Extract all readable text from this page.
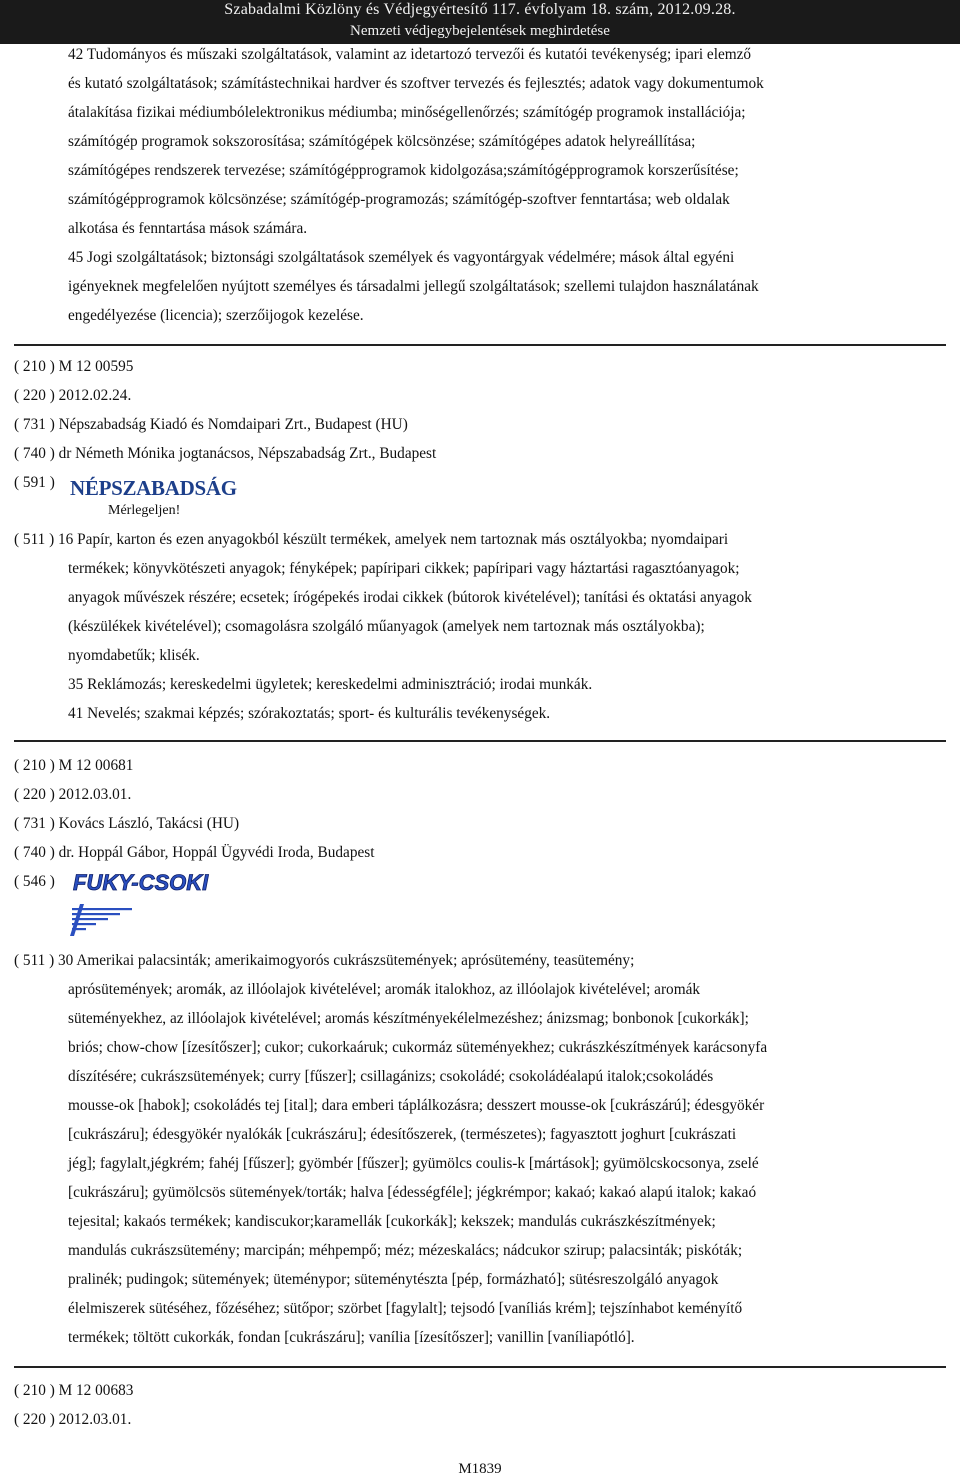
Szabadalmi Közlöny és Védjegyértesítő 117. évfolyam 18. szám, 2012.09.28.
Nemzeti védjegybejelentések meghirdetése
42 Tudományos és műszaki szolgáltatások, valamint az idetartozó tervezői és kutatói tevékenység; ipari elemző
és kutató szolgáltatások; számítástechnikai hardver és szoftver tervezés és fejlesztés; adatok vagy dokumentumok
átalakítása fizikai médiumbólelektronikus médiumba; minőségellenőrzés; számítógép programok installációja;
számítógép programok sokszorosítása; számítógépek kölcsönzése; számítógépes adatok helyreállítása;
számítógépes rendszerek tervezése; számítógépprogramok kidolgozása;számítógépprogramok korszerűsítése;
számítógépprogramok kölcsönzése; számítógép-programozás; számítógép-szoftver fenntartása; web oldalak
alkotása és fenntartása mások számára.
45 Jogi szolgáltatások; biztonsági szolgáltatások személyek és vagyontárgyak védelmére; mások által egyéni
igényeknek megfelelően nyújtott személyes és társadalmi jellegű szolgáltatások; szellemi tulajdon használatának
engedélyezése (licencia); szerzőijogok kezelése.
( 210 ) M 12 00595
( 220 ) 2012.02.24.
( 731 ) Népszabadság Kiadó és Nomdaipari Zrt., Budapest (HU)
( 740 ) dr Németh Mónika jogtanácsos, Népszabadság Zrt., Budapest
( 591 )
( 511 ) 16 Papír, karton és ezen anyagokból készült termékek, amelyek nem tartoznak más osztályokba; nyomdaipari
termékek; könyvkötészeti anyagok; fényképek; papíripari cikkek; papíripari vagy háztartási ragasztóanyagok;
anyagok művészek részére; ecsetek; írógépekés irodai cikkek (bútorok kivételével); tanítási és oktatási anyagok
(készülékek kivételével); csomagolásra szolgáló műanyagok (amelyek nem tartoznak más osztályokba);
nyomdabetűk; klisék.
35 Reklámozás; kereskedelmi ügyletek; kereskedelmi adminisztráció; irodai munkák.
41 Nevelés; szakmai képzés; szórakoztatás; sport- és kulturális tevékenységek.
( 210 ) M 12 00681
( 220 ) 2012.03.01.
( 731 ) Kovács László, Takácsi (HU)
( 740 ) dr. Hoppál Gábor, Hoppál Ügyvédi Iroda, Budapest
( 546 )
( 511 ) 30 Amerikai palacsinták; amerikaimogyorós cukrászsütemények; aprósütemény, teasütemény;
aprósütemények; aromák, az illóolajok kivételével; aromák italokhoz, az illóolajok kivételével; aromák
süteményekhez, az illóolajok kivételével; aromás készítményekélelmezéshez; ánizsmag; bonbonok [cukorkák];
briós; chow-chow [ízesítőszer]; cukor; cukorkaáruk; cukormáz süteményekhez; cukrászkészítmények karácsonyfa
díszítésére; cukrászsütemények; curry [fűszer]; csillagánizs; csokoládé; csokoládéalapú italok;csokoládés
mousse-ok [habok]; csokoládés tej [ital]; dara emberi táplálkozásra; desszert mousse-ok [cukrászárú]; édesgyökér
[cukrászáru]; édesgyökér nyalókák [cukrászáru]; édesítőszerek, (természetes); fagyasztott joghurt [cukrászati
jég]; fagylalt,jégkrém; fahéj [fűszer]; gyömbér [fűszer]; gyümölcs coulis-k [mártások]; gyümölcskocsonya, zselé
[cukrászáru]; gyümölcsös sütemények/torták; halva [édességféle]; jégkrémpor; kakaó; kakaó alapú italok; kakaó
tejesital; kakaós termékek; kandiscukor;karamellák [cukorkák]; kekszek; mandulás cukrászkészítmények;
mandulás cukrászsütemény; marcipán; méhpempő; méz; mézeskalács; nádcukor szirup; palacsinták; piskóták;
pralinék; pudingok; sütemények; üteménypor; süteménytészta [pép, formázható]; sütésreszolgáló anyagok
élelmiszerek sütéséhez, főzéséhez; sütőpor; szörbet [fagylalt]; tejsodó [vaníliás krém]; tejszínhabot keményítő
termékek; töltött cukorkák, fondan [cukrászáru]; vanília [ízesítőszer]; vanillin [vaníliapótló].
( 210 ) M 12 00683
( 220 ) 2012.03.01.
NÉPSZABADSÁG
Mérlegeljen!
FUKY-CSOKI
M1839
